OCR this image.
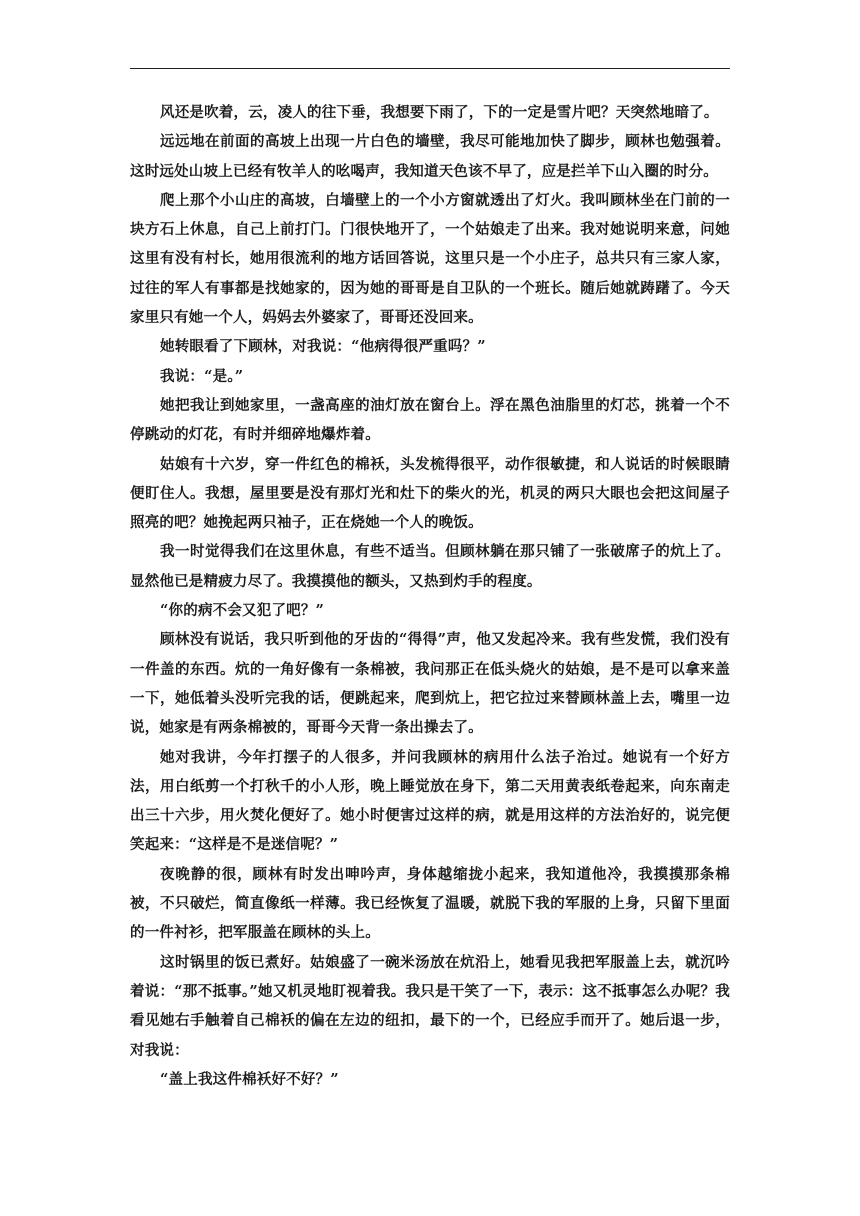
风还是吹着，云，凌人的往下垂，我想要下雨了，下的一定是雪片吧？天突然地暗了。

远远地在前面的高坡上出现一片白色的墙壁，我尽可能地加快了脚步，顾林也勉强着。这时远处山坡上已经有牧羊人的吆喝声，我知道天色该不早了，应是拦羊下山入圈的时分。

爬上那个小山庄的高坡，白墙壁上的一个小方窗就透出了灯火。我叫顾林坐在门前的一块方石上休息，自己上前打门。门很快地开了，一个姑娘走了出来。我对她说明来意，问她这里有没有村长，她用很流利的地方话回答说，这里只是一个小庄子，总共只有三家人家，过往的军人有事都是找她家的，因为她的哥哥是自卫队的一个班长。随后她就踌躇了。今天家里只有她一个人，妈妈去外婆家了，哥哥还没回来。

她转眼看了下顾林，对我说：“他病得很严重吗？”

我说：“是。”

她把我让到她家里，一盏高座的油灯放在窗台上。浮在黑色油脂里的灯芯，挑着一个不停跳动的灯花，有时并细碎地爆炸着。

姑娘有十六岁，穿一件红色的棉袄，头发梳得很平，动作很敏捷，和人说话的时候眼睛便盯住人。我想，屋里要是没有那灯光和灶下的柴火的光，机灵的两只大眼也会把这间屋子照亮的吧？她挽起两只袖子，正在烧她一个人的晚饭。

我一时觉得我们在这里休息，有些不适当。但顾林躺在那只铺了一张破席子的炕上了。显然他已是精疲力尽了。我摸摸他的额头，又热到灼手的程度。

“你的病不会又犯了吧？”

顾林没有说话，我只听到他的牙齿的“得得”声，他又发起冷来。我有些发慌，我们没有一件盖的东西。炕的一角好像有一条棉被，我问那正在低头烧火的姑娘，是不是可以拿来盖一下，她低着头没听完我的话，便跳起来，爬到炕上，把它拉过来替顾林盖上去，嘴里一边说，她家是有两条棉被的，哥哥今天背一条出操去了。

她对我讲，今年打摆子的人很多，并问我顾林的病用什么法子治过。她说有一个好方法，用白纸剪一个打秋千的小人形，晚上睡觉放在身下，第二天用黄表纸卷起来，向东南走出三十六步，用火焚化便好了。她小时便害过这样的病，就是用这样的方法治好的，说完便笑起来：“这样是不是迷信呢？”

夜晚静的很，顾林有时发出呻吟声，身体越缩拢小起来，我知道他冷，我摸摸那条棉被，不只破烂，简直像纸一样薄。我已经恢复了温暖，就脱下我的军服的上身，只留下里面的一件衬衫，把军服盖在顾林的头上。

这时锅里的饭已煮好。姑娘盛了一碗米汤放在炕沿上，她看见我把军服盖上去，就沉吟着说：“那不抵事。”她又机灵地盯视着我。我只是干笑了一下，表示：这不抵事怎么办呢？我看见她右手触着自己棉袄的偏在左边的纽扣，最下的一个，已经应手而开了。她后退一步，对我说：

“盖上我这件棉袄好不好？”
